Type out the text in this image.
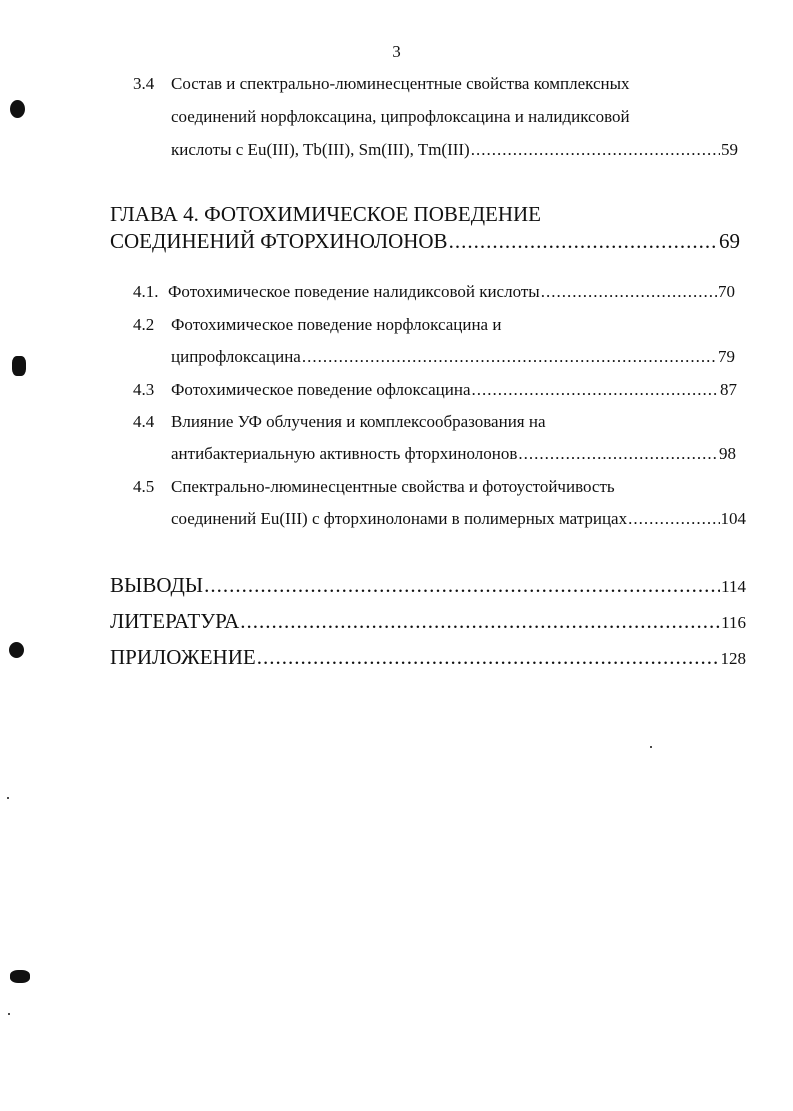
3
3.4 Состав и спектрально-люминесцентные свойства комплексных
соединений норфлоксацина, ципрофлоксацина и налидиксовой
кислоты с Eu(III), Tb(III), Sm(III), Tm(III) .....	59
ГЛАВА 4. ФОТОХИМИЧЕСКОЕ ПОВЕДЕНИЕ
СОЕДИНЕНИЙ ФТОРХИНОЛОНОВ .....	69
4.1. Фотохимическое поведение налидиксовой кислоты .....	70
4.2 Фотохимическое поведение норфлоксацина и
ципрофлоксацина .....	79
4.3 Фотохимическое поведение офлоксацина .....	87
4.4 Влияние УФ облучения и комплексообразования на
антибактериальную активность фторхинолонов .....	98
4.5 Спектрально-люминесцентные свойства и фотоустойчивость
соединений Eu(III) с фторхинолонами в полимерных матрицах .....	104
ВЫВОДЫ .....	114
ЛИТЕРАТУРА .....	116
ПРИЛОЖЕНИЕ .....	128
